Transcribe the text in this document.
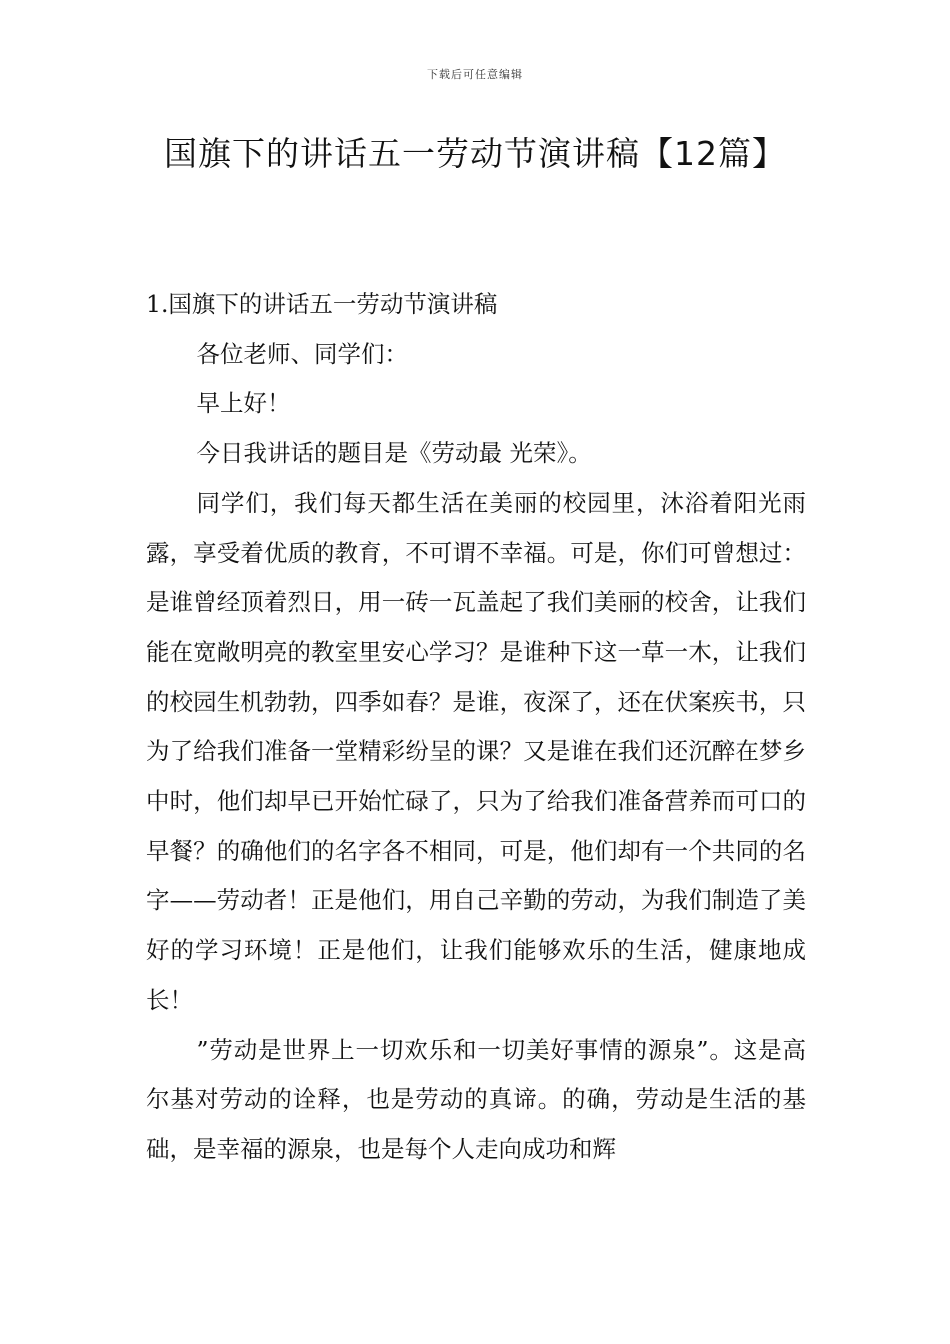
下载后可任意编辑
国旗下的讲话五一劳动节演讲稿【12篇】

1.国旗下的讲话五一劳动节演讲稿

各位老师、同学们：

早上好！

今日我讲话的题目是《劳动最 光荣》。

同学们，我们每天都生活在美丽的校园里，沐浴着阳光雨露，享受着优质的教育，不可谓不幸福。可是，你们可曾想过：是谁曾经顶着烈日，用一砖一瓦盖起了我们美丽的校舍，让我们能在宽敞明亮的教室里安心学习？是谁种下这一草一木，让我们的校园生机勃勃，四季如春？是谁，夜深了，还在伏案疾书，只为了给我们准备一堂精彩纷呈的课？又是谁在我们还沉醉在梦乡中时，他们却早已开始忙碌了，只为了给我们准备营养而可口的早餐？的确他们的名字各不相同，可是，他们却有一个共同的名字——劳动者！正是他们，用自己辛勤的劳动，为我们制造了美好的学习环境！正是他们，让我们能够欢乐的生活，健康地成长！

”劳动是世界上一切欢乐和一切美好事情的源泉”。这是高尔基对劳动的诠释，也是劳动的真谛。的确，劳动是生活的基础，是幸福的源泉，也是每个人走向成功和辉
